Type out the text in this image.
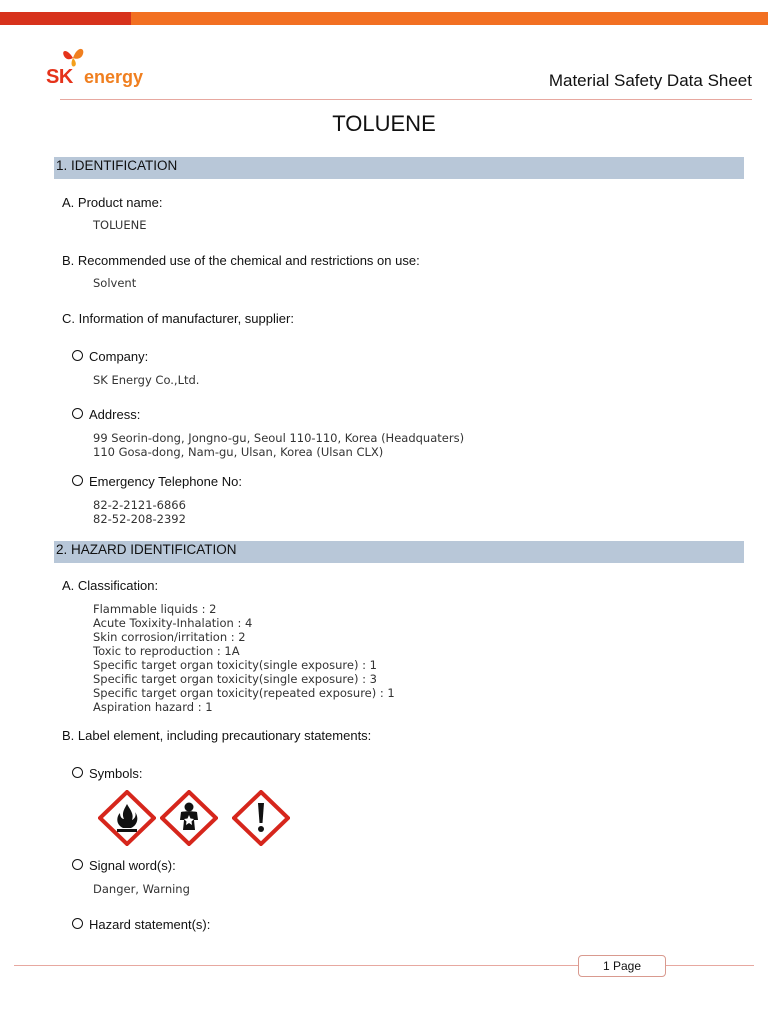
SK energy	Material Safety Data Sheet
TOLUENE
1. IDENTIFICATION
A. Product name:
TOLUENE
B. Recommended use of the chemical and restrictions on use:
Solvent
C. Information of manufacturer, supplier:
Company:
SK Energy Co.,Ltd.
Address:
99 Seorin-dong, Jongno-gu, Seoul 110-110, Korea (Headquaters)
110 Gosa-dong, Nam-gu, Ulsan, Korea (Ulsan CLX)
Emergency Telephone No:
82-2-2121-6866
82-52-208-2392
2. HAZARD IDENTIFICATION
A. Classification:
Flammable liquids : 2
Acute Toxixity-Inhalation : 4
Skin corrosion/irritation : 2
Toxic to reproduction : 1A
Specific target organ toxicity(single exposure) : 1
Specific target organ toxicity(single exposure) : 3
Specific target organ toxicity(repeated exposure) : 1
Aspiration hazard : 1
B. Label element, including precautionary statements:
Symbols:
Signal word(s):
Danger, Warning
Hazard statement(s):
1 Page
